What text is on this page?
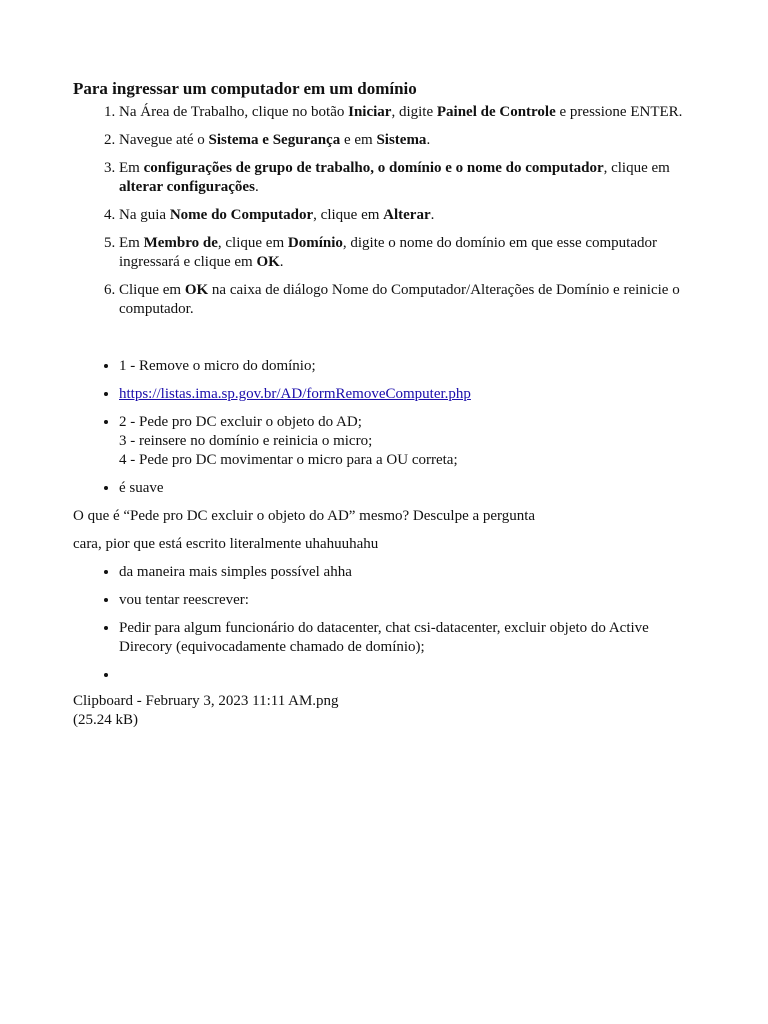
Para ingressar um computador em um domínio
1. Na Área de Trabalho, clique no botão Iniciar, digite Painel de Controle e pressione ENTER.
2. Navegue até o Sistema e Segurança e em Sistema.
3. Em configurações de grupo de trabalho, o domínio e o nome do computador, clique em alterar configurações.
4. Na guia Nome do Computador, clique em Alterar.
5. Em Membro de, clique em Domínio, digite o nome do domínio em que esse computador ingressará e clique em OK.
6. Clique em OK na caixa de diálogo Nome do Computador/Alterações de Domínio e reinicie o computador.
• 1 - Remove o micro do domínio;
• https://listas.ima.sp.gov.br/AD/formRemoveComputer.php
• 2 - Pede pro DC excluir o objeto do AD;
3 - reinsere no domínio e reinicia o micro;
4 - Pede pro DC movimentar o micro para a OU correta;
• é suave

O que é “Pede pro DC excluir o objeto do AD” mesmo? Desculpe a pergunta

cara, pior que está escrito literalmente uhahuuhahu

• da maneira mais simples possível ahha
• vou tentar reescrever:
• Pedir para algum funcionário do datacenter, chat csi-datacenter, excluir objeto do Active Direcory (equivocadamente chamado de domínio);
•
Clipboard - February 3, 2023 11:11 AM.png
(25.24 kB)
